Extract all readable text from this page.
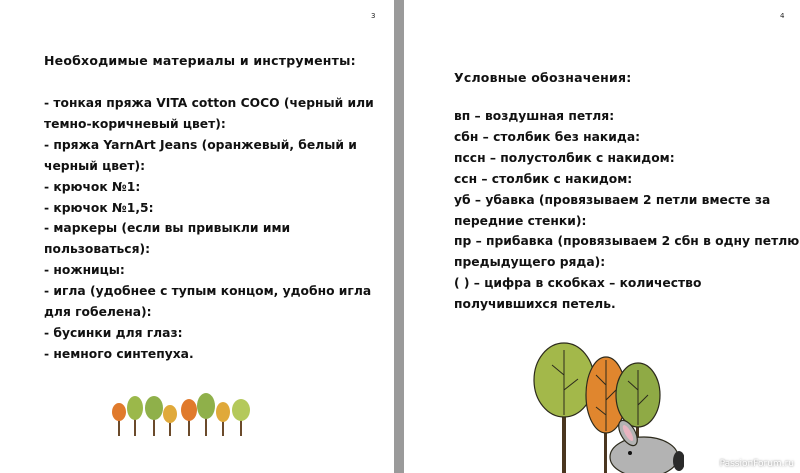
3
Необходимые материалы и инструменты:
- тонкая пряжа VITA cotton COCO (черный или
темно-коричневый цвет):
- пряжа YarnArt Jeans (оранжевый, белый и
черный цвет):
- крючок №1:
- крючок №1,5:
- маркеры (если вы привыкли ими
пользоваться):
- ножницы:
- игла (удобнее с тупым концом, удобно игла
для гобелена):
- бусинки для глаз:
- немного синтепуха.
4
Условные обозначения:
вп – воздушная петля:
сбн – столбик без накида:
пссн – полустолбик с накидом:
ссн – столбик с накидом:
уб – убавка (провязываем 2 петли вместе за
передние стенки):
пр – прибавка (провязываем 2 сбн в одну петлю
предыдущего ряда):
( ) – цифра в скобках – количество
получившихся петель.
PassionForum.ru
